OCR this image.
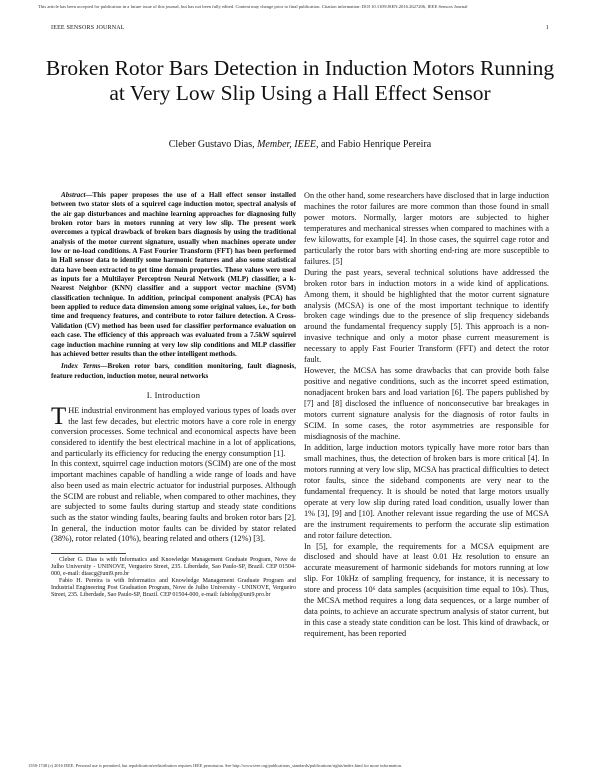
This article has been accepted for publication in a future issue of this journal, but has not been fully edited. Content may change prior to final publication. Citation information: DOI 10.1109/JSEN.2016.2627206, IEEE Sensors Journal
IEEE SENSORS JOURNAL	1
Broken Rotor Bars Detection in Induction Motors Running at Very Low Slip Using a Hall Effect Sensor
Cleber Gustavo Dias, Member, IEEE, and Fabio Henrique Pereira

Abstract—This paper proposes the use of a Hall effect sensor installed between two stator slots of a squirrel cage induction motor, spectral analysis of the air gap disturbances and machine learning approaches for diagnosing fully broken rotor bars in motors running at very low slip. The present work overcomes a typical drawback of broken bars diagnosis by using the traditional analysis of the motor current signature, usually when machines operate under low or no-load conditions. A Fast Fourier Transform (FFT) has been performed in Hall sensor data to identify some harmonic features and also some statistical data have been extracted to get time domain properties. These values were used as inputs for a Multilayer Perceptron Neural Network (MLP) classifier, a k-Nearest Neighbor (KNN) classifier and a support vector machine (SVM) classification technique. In addition, principal component analysis (PCA) has been applied to reduce data dimension among some original values, i.e., for both time and frequency features, and contribute to rotor failure detection. A Cross-Validation (CV) method has been used for classifier performance evaluation on each case. The efficiency of this approach was evaluated from a 7.5kW squirrel cage induction machine running at very low slip conditions and MLP classifier has achieved better results than the other intelligent methods.

Index Terms—Broken rotor bars, condition monitoring, fault diagnosis, feature reduction, induction motor, neural networks

I. Introduction

THE industrial environment has employed various types of loads over the last few decades, but electric motors have a core role in energy conversion processes. Some technical and economical aspects have been considered to identify the best electrical machine in a lot of applications, and particularly its efficiency for reducing the energy consumption [1].

In this context, squirrel cage induction motors (SCIM) are one of the most important machines capable of handling a wide range of loads and have also been used as main electric actuator for industrial purposes. Although the SCIM are robust and reliable, when compared to other machines, they are subjected to some faults during startup and steady state conditions such as the stator winding faults, bearing faults and broken rotor bars [2]. In general, the induction motor faults can be divided by stator related (38%), rotor related (10%), bearing related and others (12%) [3].

Cleber G. Dias is with Informatics and Knowledge Management Graduate Program, Nove de Julho University - UNINOVE, Vergueiro Street, 235. Liberdade, Sao Paulo-SP, Brazil. CEP 01504-000, e-mail: diascg@uni9.pro.br

Fabio H. Pereira is with Informatics and Knowledge Management Graduate Program and Industrial Engineering Post Graduation Program, Nove de Julho University - UNINOVE, Vergueiro Street, 235. Liberdade, Sao Paulo-SP, Brazil. CEP 01504-000, e-mail: fabiohp@uni9.pro.br

On the other hand, some researchers have disclosed that in large induction machines the rotor failures are more common than those found in small power motors. Normally, larger motors are subjected to higher temperatures and mechanical stresses when compared to machines with a few kilowatts, for example [4]. In those cases, the squirrel cage rotor and particularly the rotor bars with shorting end-ring are more susceptible to failures. [5]

During the past years, several technical solutions have addressed the broken rotor bars in induction motors in a wide kind of applications. Among them, it should be highlighted that the motor current signature analysis (MCSA) is one of the most important technique to identify broken cage windings due to the presence of slip frequency sidebands around the fundamental frequency supply [5]. This approach is a non-invasive technique and only a motor phase current measurement is necessary to apply Fast Fourier Transform (FFT) and detect the rotor fault.

However, the MCSA has some drawbacks that can provide both false positive and negative conditions, such as the incorret speed estimation, nonadjacent broken bars and load variation [6]. The papers published by [7] and [8] disclosed the influence of nonconsecutive bar breakages in motors current signature analysis for the diagnosis of rotor faults in SCIM. In some cases, the rotor asymmetries are responsible for misdiagnosis of the machine.

In addition, large induction motors typically have more rotor bars than small machines, thus, the detection of broken bars is more critical [4]. In motors running at very low slip, MCSA has practical difficulties to detect rotor faults, since the sideband components are very near to the fundamental frequency. It is should be noted that large motors usually operate at very low slip during rated load condition, usually lower than 1% [3], [9] and [10]. Another relevant issue regarding the use of MCSA are the instrument requirements to perform the accurate slip estimation and rotor failure detection.

In [5], for example, the requirements for a MCSA equipment are disclosed and should have at least 0.01 Hz resolution to ensure an accurate measurement of harmonic sidebands for motors running at low slip. For 10kHz of sampling frequency, for instance, it is necessary to store and process 10⁶ data samples (acquisition time equal to 10s). Thus, the MCSA method requires a long data sequences, or a large number of data points, to achieve an accurate spectrum analysis of stator current, but in this case a steady state condition can be lost. This kind of drawback, or requirement, has been reported

1558-1748 (c) 2016 IEEE. Personal use is permitted, but republication/redistribution requires IEEE permission. See http://www.ieee.org/publications_standards/publications/rights/index.html for more information.
